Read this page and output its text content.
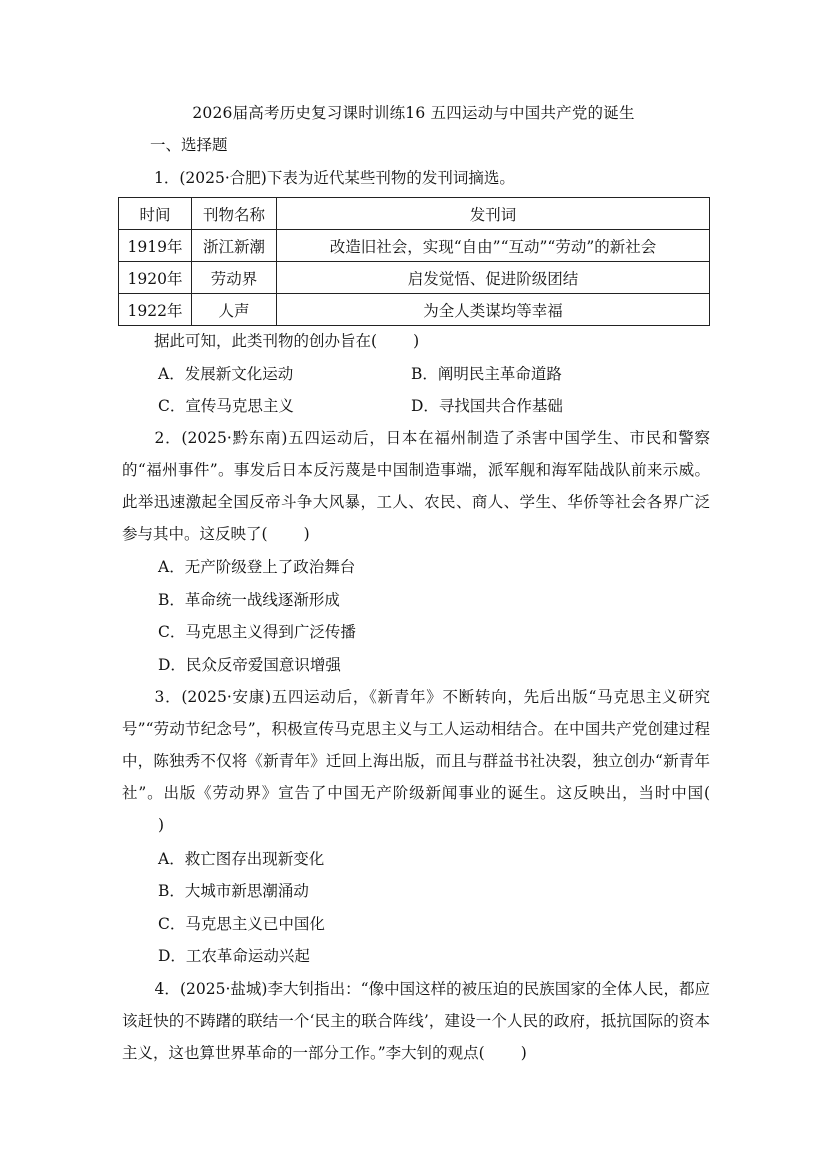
2026届高考历史复习课时训练16 五四运动与中国共产党的诞生
一、选择题
1．(2025·合肥)下表为近代某些刊物的发刊词摘选。
时间	刊物名称	发刊词
1919年	浙江新潮	改造旧社会，实现“自由”“互动”“劳动”的新社会
1920年	劳动界	启发觉悟、促进阶级团结
1922年	人声	为全人类谋均等幸福
据此可知，此类刊物的创办旨在( )
A．发展新文化运动	B．阐明民主革命道路
C．宣传马克思主义	D．寻找国共合作基础
2．(2025·黔东南)五四运动后，日本在福州制造了杀害中国学生、市民和警察的“福州事件”。事发后日本反污蔑是中国制造事端，派军舰和海军陆战队前来示威。此举迅速激起全国反帝斗争大风暴，工人、农民、商人、学生、华侨等社会各界广泛参与其中。这反映了( )
A．无产阶级登上了政治舞台
B．革命统一战线逐渐形成
C．马克思主义得到广泛传播
D．民众反帝爱国意识增强
3．(2025·安康)五四运动后，《新青年》不断转向，先后出版“马克思主义研究号”“劳动节纪念号”，积极宣传马克思主义与工人运动相结合。在中国共产党创建过程中，陈独秀不仅将《新青年》迁回上海出版，而且与群益书社决裂，独立创办“新青年社”。出版《劳动界》宣告了中国无产阶级新闻事业的诞生。这反映出，当时中国()
A．救亡图存出现新变化
B．大城市新思潮涌动
C．马克思主义已中国化
D．工农革命运动兴起
4．(2025·盐城)李大钊指出：“像中国这样的被压迫的民族国家的全体人民，都应该赶快的不踌躇的联结一个‘民主的联合阵线’，建设一个人民的政府，抵抗国际的资本主义，这也算世界革命的一部分工作。”李大钊的观点( )
